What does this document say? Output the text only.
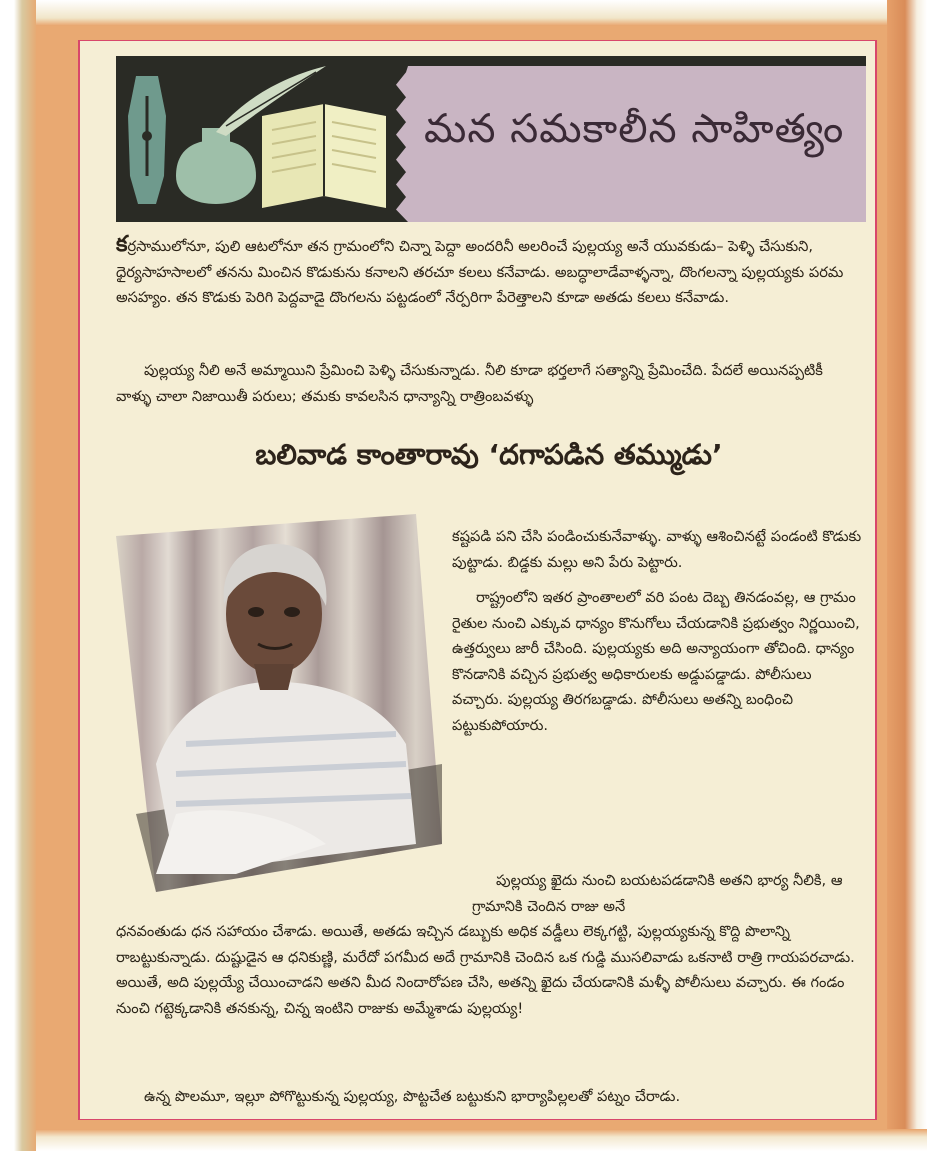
మన సమకాలీన సాహిత్యం
కర్రసాములోనూ, పులి ఆటలోనూ తన గ్రామంలోని చిన్నా పెద్దా అందరినీ అలరించే పుల్లయ్య అనే యువకుడు– పెళ్ళి చేసుకుని, ధైర్యసాహసాలలో తనను మించిన కొడుకును కనాలని తరచూ కలలు కనేవాడు. అబద్ధాలాడేవాళ్ళన్నా, దొంగలన్నా పుల్లయ్యకు పరమ అసహ్యం. తన కొడుకు పెరిగి పెద్దవాడై దొంగలను పట్టడంలో నేర్పరిగా పేరెత్తాలని కూడా అతడు కలలు కనేవాడు.
పుల్లయ్య నీలి అనే అమ్మాయిని ప్రేమించి పెళ్ళి చేసుకున్నాడు. నీలి కూడా భర్తలాగే సత్యాన్ని ప్రేమించేది. పేదలే అయినప్పటికీ వాళ్ళు చాలా నిజాయితీ పరులు; తమకు కావలసిన ధాన్యాన్ని రాత్రింబవళ్ళు
బలివాడ కాంతారావు ‘దగాపడిన తమ్ముడు’

కష్టపడి పని చేసి పండించుకునేవాళ్ళు. వాళ్ళు ఆశించినట్టే పండంటి కొడుకు పుట్టాడు. బిడ్డకు మల్లు అని పేరు పెట్టారు.

రాష్ట్రంలోని ఇతర ప్రాంతాలలో వరి పంట దెబ్బ తినడంవల్ల, ఆ గ్రామం రైతుల నుంచి ఎక్కువ ధాన్యం కొనుగోలు చేయడానికి ప్రభుత్వం నిర్ణయించి, ఉత్తర్వులు జారీ చేసింది. పుల్లయ్యకు అది అన్యాయంగా తోచింది. ధాన్యం కొనడానికి వచ్చిన ప్రభుత్వ అధికారులకు అడ్డుపడ్డాడు. పోలీసులు వచ్చారు. పుల్లయ్య తిరగబడ్డాడు. పోలీసులు అతన్ని బంధించి పట్టుకుపోయారు.

పుల్లయ్య ఖైదు నుంచి బయటపడడానికి అతని భార్య నీలికి, ఆ గ్రామానికి చెందిన రాజు అనే
ధనవంతుడు ధన సహాయం చేశాడు. అయితే, అతడు ఇచ్చిన డబ్బుకు అధిక వడ్డీలు లెక్కగట్టి, పుల్లయ్యకున్న కొద్ది పొలాన్ని రాబట్టుకున్నాడు. దుష్టుడైన ఆ ధనికుణ్ణి, మరేదో పగమీద అదే గ్రామానికి చెందిన ఒక గుడ్డి ముసలివాడు ఒకనాటి రాత్రి గాయపరచాడు. అయితే, అది పుల్లయ్యే చేయించాడని అతని మీద నిందారోపణ చేసి, అతన్ని ఖైదు చేయడానికి మళ్ళీ పోలీసులు వచ్చారు. ఈ గండం నుంచి గట్టెక్కడానికి తనకున్న, చిన్న ఇంటిని రాజుకు అమ్మేశాడు పుల్లయ్య!
ఉన్న పొలమూ, ఇల్లూ పోగొట్టుకున్న పుల్లయ్య, పొట్టచేత బట్టుకుని భార్యాపిల్లలతో పట్నం చేరాడు.
